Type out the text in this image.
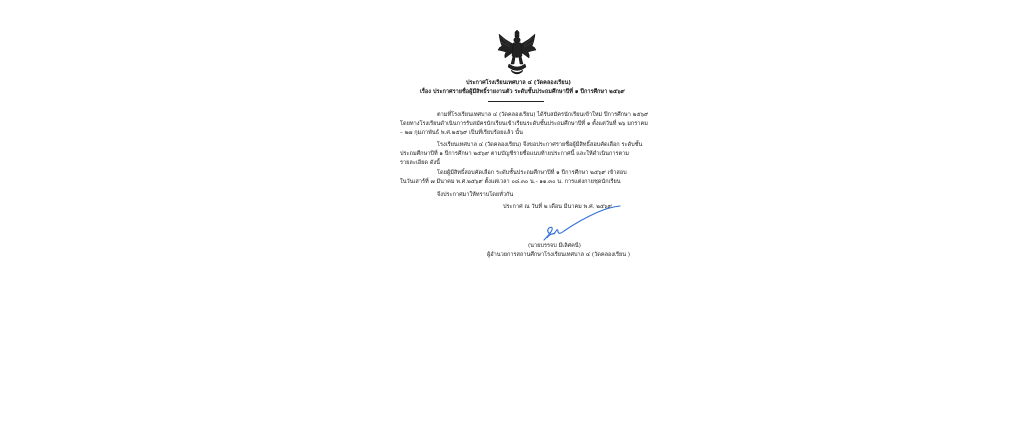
ประกาศโรงเรียนเทศบาล ๔ (วัดคลองเรียน)
เรื่อง ประกาศรายชื่อผู้มีสิทธิ์รายงานตัว ระดับชั้นประถมศึกษาปีที่ ๑ ปีการศึกษา ๒๕๖๙
ตามที่โรงเรียนเทศบาล ๔ (วัดคลองเรียน) ได้รับสมัครนักเรียนเข้าใหม่ ปีการศึกษา ๒๕๖๙
โดยทางโรงเรียนดำเนินการรับสมัครนักเรียนเข้าเรียนระดับชั้นประถมศึกษาปีที่ ๑ ตั้งแต่วันที่ ๒๖ มกราคม
– ๒๗ กุมภาพันธ์ พ.ศ.๒๕๖๙ เป็นที่เรียบร้อยแล้ว นั้น
โรงเรียนเทศบาล ๔ (วัดคลองเรียน) จึงขอประกาศรายชื่อผู้มีสิทธิ์สอบคัดเลือก ระดับชั้น
ประถมศึกษาปีที่ ๑ ปีการศึกษา ๒๕๖๙ ตามบัญชีรายชื่อแนบท้ายประกาศนี้ และให้ดำเนินการตาม
รายละเอียด ดังนี้
โดยผู้มีสิทธิ์สอบคัดเลือก ระดับชั้นประถมศึกษาปีที่ ๑ ปีการศึกษา ๒๕๖๙ เข้าสอบ
ในวันเสาร์ที่ ๗ มีนาคม พ.ศ.๒๕๖๙ ตั้งแต่เวลา ๐๘.๓๐ น.- ๑๑.๓๐ น. การแต่งกายชุดนักเรียน
จึงประกาศมาให้ทราบโดยทั่วกัน
ประกาศ ณ วันที่ ๒ เดือน มีนาคม พ.ศ. ๒๕๖๙
(นายบรรจบ มีเลิศคนี)
ผู้อำนวยการสถานศึกษาโรงเรียนเทศบาล ๔ (วัดคลองเรียน )
